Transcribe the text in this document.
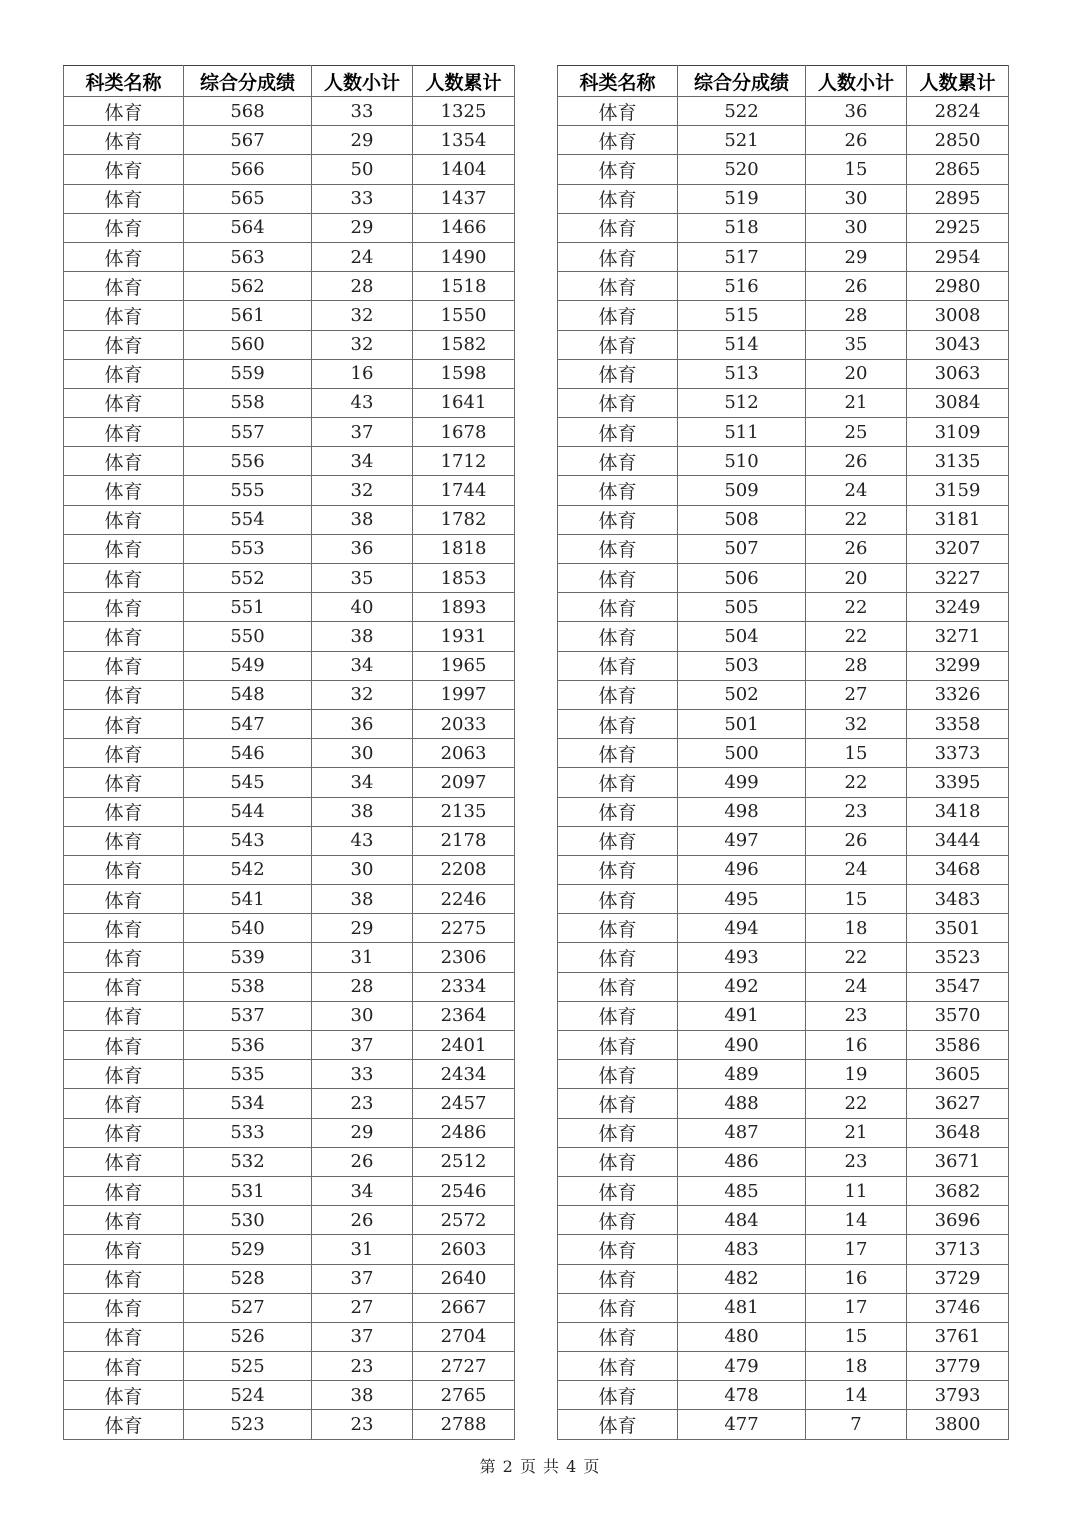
科类名称	综合分成绩	人数小计	人数累计
体育	568	33	1325
体育	567	29	1354
体育	566	50	1404
体育	565	33	1437
体育	564	29	1466
体育	563	24	1490
体育	562	28	1518
体育	561	32	1550
体育	560	32	1582
体育	559	16	1598
体育	558	43	1641
体育	557	37	1678
体育	556	34	1712
体育	555	32	1744
体育	554	38	1782
体育	553	36	1818
体育	552	35	1853
体育	551	40	1893
体育	550	38	1931
体育	549	34	1965
体育	548	32	1997
体育	547	36	2033
体育	546	30	2063
体育	545	34	2097
体育	544	38	2135
体育	543	43	2178
体育	542	30	2208
体育	541	38	2246
体育	540	29	2275
体育	539	31	2306
体育	538	28	2334
体育	537	30	2364
体育	536	37	2401
体育	535	33	2434
体育	534	23	2457
体育	533	29	2486
体育	532	26	2512
体育	531	34	2546
体育	530	26	2572
体育	529	31	2603
体育	528	37	2640
体育	527	27	2667
体育	526	37	2704
体育	525	23	2727
体育	524	38	2765
体育	523	23	2788
科类名称	综合分成绩	人数小计	人数累计
体育	522	36	2824
体育	521	26	2850
体育	520	15	2865
体育	519	30	2895
体育	518	30	2925
体育	517	29	2954
体育	516	26	2980
体育	515	28	3008
体育	514	35	3043
体育	513	20	3063
体育	512	21	3084
体育	511	25	3109
体育	510	26	3135
体育	509	24	3159
体育	508	22	3181
体育	507	26	3207
体育	506	20	3227
体育	505	22	3249
体育	504	22	3271
体育	503	28	3299
体育	502	27	3326
体育	501	32	3358
体育	500	15	3373
体育	499	22	3395
体育	498	23	3418
体育	497	26	3444
体育	496	24	3468
体育	495	15	3483
体育	494	18	3501
体育	493	22	3523
体育	492	24	3547
体育	491	23	3570
体育	490	16	3586
体育	489	19	3605
体育	488	22	3627
体育	487	21	3648
体育	486	23	3671
体育	485	11	3682
体育	484	14	3696
体育	483	17	3713
体育	482	16	3729
体育	481	17	3746
体育	480	15	3761
体育	479	18	3779
体育	478	14	3793
体育	477	7	3800
第 2 页 共 4 页
